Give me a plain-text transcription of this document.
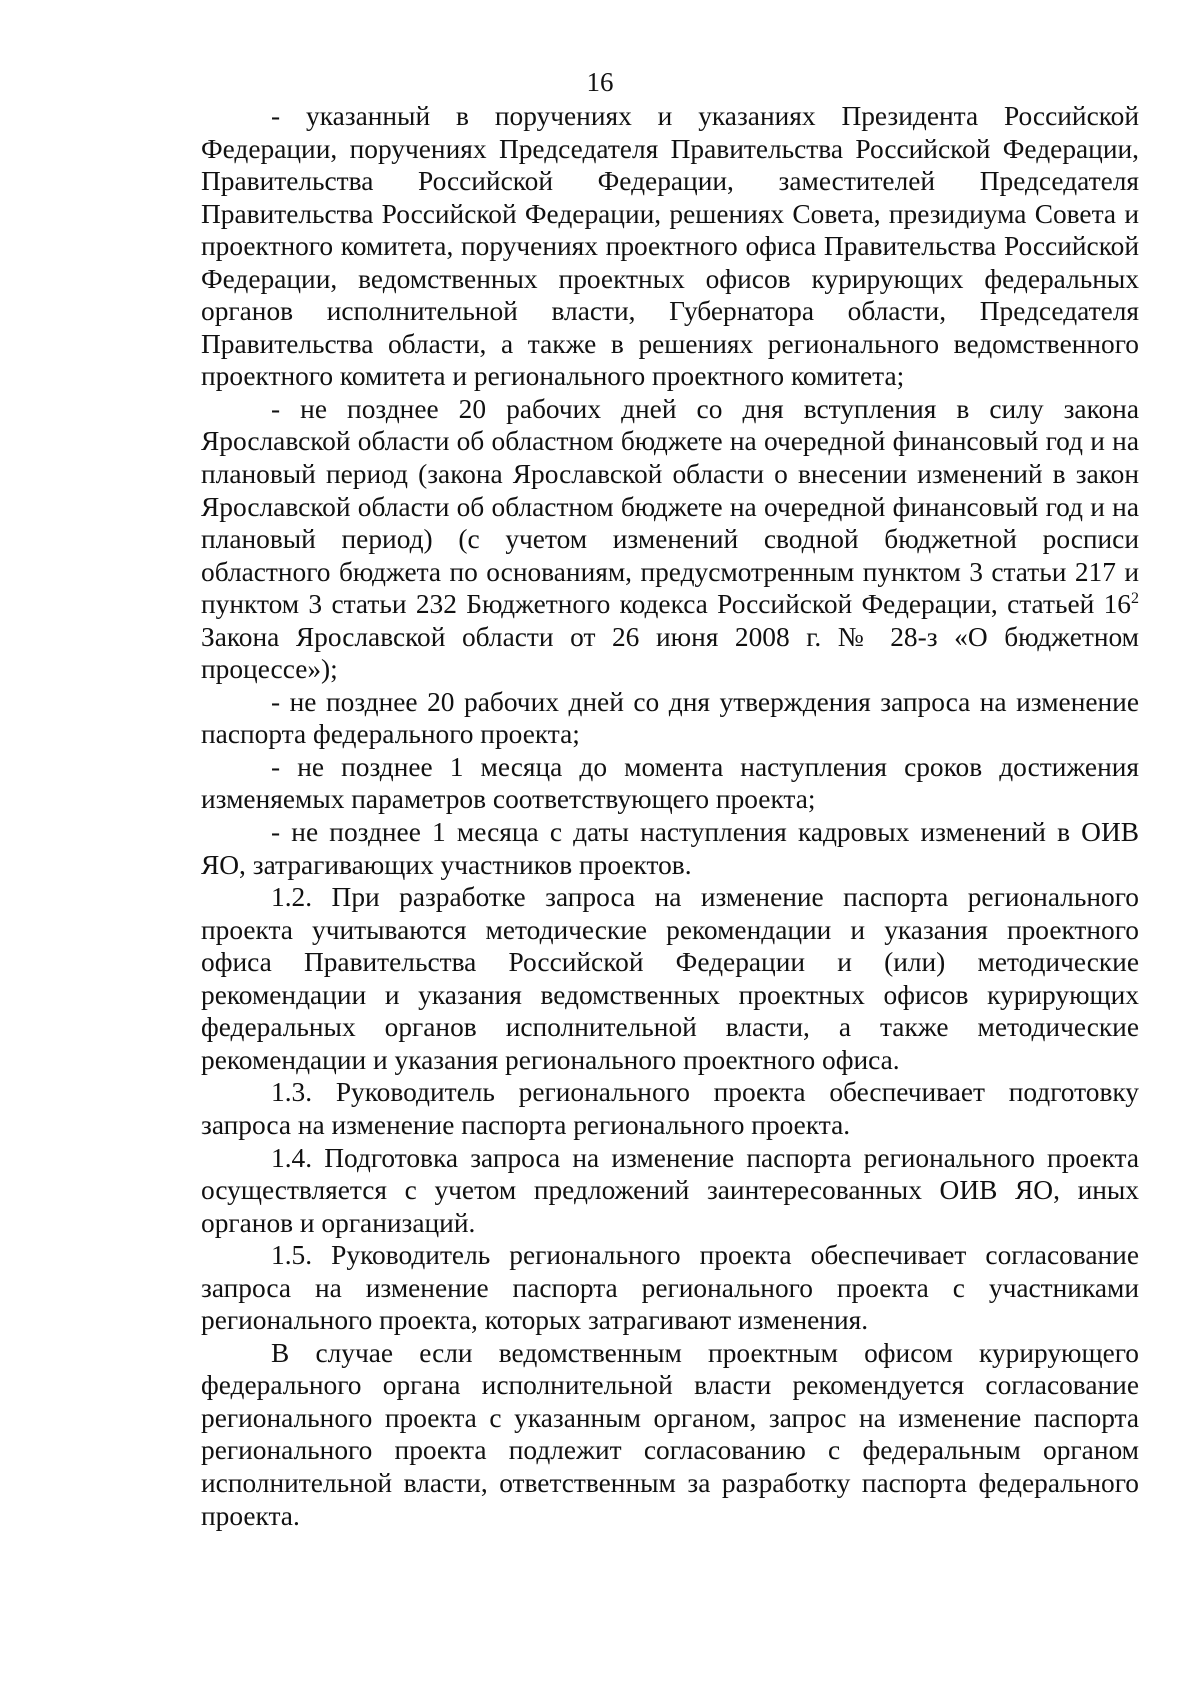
16

- указанный в поручениях и указаниях Президента Российской Федерации, поручениях Председателя Правительства Российской Федерации, Правительства Российской Федерации, заместителей Председателя Правительства Российской Федерации, решениях Совета, президиума Совета и проектного комитета, поручениях проектного офиса Правительства Российской Федерации, ведомственных проектных офисов курирующих федеральных органов исполнительной власти, Губернатора области, Председателя Правительства области, а также в решениях регионального ведомственного проектного комитета и регионального проектного комитета;

- не позднее 20 рабочих дней со дня вступления в силу закона Ярославской области об областном бюджете на очередной финансовый год и на плановый период (закона Ярославской области о внесении изменений в закон Ярославской области об областном бюджете на очередной финансовый год и на плановый период) (с учетом изменений сводной бюджетной росписи областного бюджета по основаниям, предусмотренным пунктом 3 статьи 217 и пунктом 3 статьи 232 Бюджетного кодекса Российской Федерации, статьей $16^2$ Закона Ярославской области от 26 июня 2008 г. № 28-з «О бюджетном процессе»);

- не позднее 20 рабочих дней со дня утверждения запроса на изменение паспорта федерального проекта;

- не позднее 1 месяца до момента наступления сроков достижения изменяемых параметров соответствующего проекта;

- не позднее 1 месяца с даты наступления кадровых изменений в ОИВ ЯО, затрагивающих участников проектов.

1.2. При разработке запроса на изменение паспорта регионального проекта учитываются методические рекомендации и указания проектного офиса Правительства Российской Федерации и (или) методические рекомендации и указания ведомственных проектных офисов курирующих федеральных органов исполнительной власти, а также методические рекомендации и указания регионального проектного офиса.

1.3. Руководитель регионального проекта обеспечивает подготовку запроса на изменение паспорта регионального проекта.

1.4. Подготовка запроса на изменение паспорта регионального проекта осуществляется с учетом предложений заинтересованных ОИВ ЯО, иных органов и организаций.

1.5. Руководитель регионального проекта обеспечивает согласование запроса на изменение паспорта регионального проекта с участниками регионального проекта, которых затрагивают изменения.

В случае если ведомственным проектным офисом курирующего федерального органа исполнительной власти рекомендуется согласование регионального проекта с указанным органом, запрос на изменение паспорта регионального проекта подлежит согласованию с федеральным органом исполнительной власти, ответственным за разработку паспорта федерального проекта.
